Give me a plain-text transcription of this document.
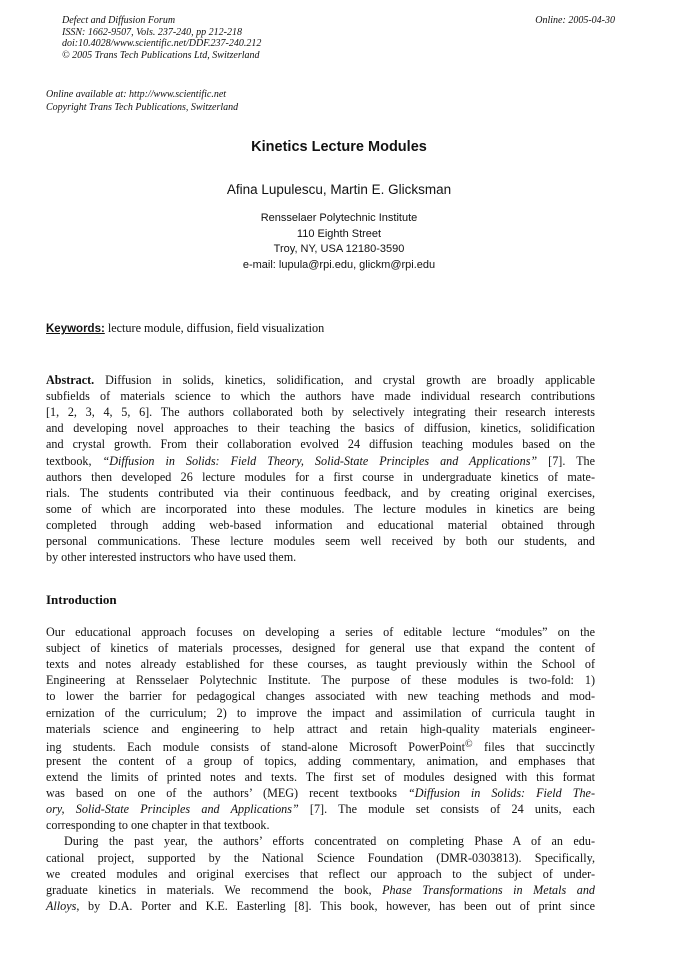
Defect and Diffusion Forum
ISSN: 1662-9507, Vols. 237-240, pp 212-218
doi:10.4028/www.scientific.net/DDF.237-240.212
© 2005 Trans Tech Publications Ltd, Switzerland
Online: 2005-04-30
Online available at: http://www.scientific.net
Copyright Trans Tech Publications, Switzerland
Kinetics Lecture Modules
Afina Lupulescu, Martin E. Glicksman
Rensselaer Polytechnic Institute
110 Eighth Street
Troy, NY, USA 12180-3590
e-mail: lupula@rpi.edu, glickm@rpi.edu
Keywords: lecture module, diffusion, field visualization
Abstract. Diffusion in solids, kinetics, solidification, and crystal growth are broadly applicable
subfields of materials science to which the authors have made individual research contributions
[1, 2, 3, 4, 5, 6]. The authors collaborated both by selectively integrating their research interests
and developing novel approaches to their teaching the basics of diffusion, kinetics, solidification
and crystal growth. From their collaboration evolved 24 diffusion teaching modules based on the
textbook, “Diffusion in Solids: Field Theory, Solid-State Principles and Applications” [7]. The
authors then developed 26 lecture modules for a first course in undergraduate kinetics of mate-
rials. The students contributed via their continuous feedback, and by creating original exercises,
some of which are incorporated into these modules. The lecture modules in kinetics are being
completed through adding web-based information and educational material obtained through
personal communications. These lecture modules seem well received by both our students, and
by other interested instructors who have used them.
Introduction
Our educational approach focuses on developing a series of editable lecture “modules” on the
subject of kinetics of materials processes, designed for general use that expand the content of
texts and notes already established for these courses, as taught previously within the School of
Engineering at Rensselaer Polytechnic Institute. The purpose of these modules is two-fold: 1)
to lower the barrier for pedagogical changes associated with new teaching methods and mod-
ernization of the curriculum; 2) to improve the impact and assimilation of curricula taught in
materials science and engineering to help attract and retain high-quality materials engineer-
ing students. Each module consists of stand-alone Microsoft PowerPoint© files that succinctly
present the content of a group of topics, adding commentary, animation, and emphases that
extend the limits of printed notes and texts. The first set of modules designed with this format
was based on one of the authors’ (MEG) recent textbooks “Diffusion in Solids: Field The-
ory, Solid-State Principles and Applications” [7]. The module set consists of 24 units, each
corresponding to one chapter in that textbook.
During the past year, the authors’ efforts concentrated on completing Phase A of an edu-
cational project, supported by the National Science Foundation (DMR-0303813). Specifically,
we created modules and original exercises that reflect our approach to the subject of under-
graduate kinetics in materials. We recommend the book, Phase Transformations in Metals and
Alloys, by D.A. Porter and K.E. Easterling [8]. This book, however, has been out of print since
